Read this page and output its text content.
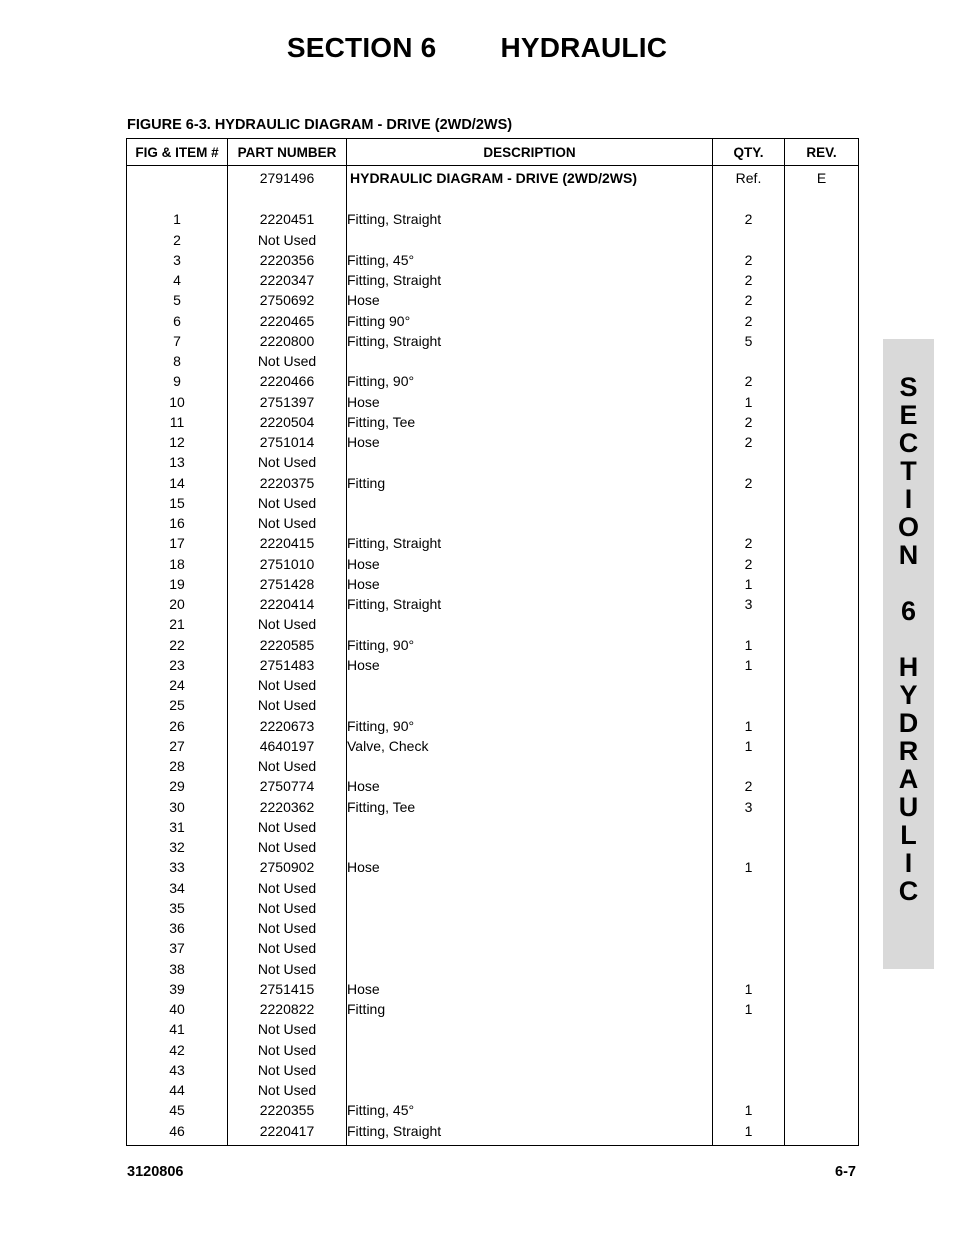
SECTION 6 HYDRAULIC
FIGURE 6-3. HYDRAULIC DIAGRAM - DRIVE (2WD/2WS)
FIG & ITEM #	PART NUMBER	DESCRIPTION	QTY.	REV.
	2791496	HYDRAULIC DIAGRAM - DRIVE (2WD/2WS)	Ref.	E

1	2220451	Fitting, Straight	2	
2	Not Used			
3	2220356	Fitting, 45°	2	
4	2220347	Fitting, Straight	2	
5	2750692	Hose	2	
6	2220465	Fitting 90°	2	
7	2220800	Fitting, Straight	5	
8	Not Used			
9	2220466	Fitting, 90°	2	
10	2751397	Hose	1	
11	2220504	Fitting, Tee	2	
12	2751014	Hose	2	
13	Not Used			
14	2220375	Fitting	2	
15	Not Used			
16	Not Used			
17	2220415	Fitting, Straight	2	
18	2751010	Hose	2	
19	2751428	Hose	1	
20	2220414	Fitting, Straight	3	
21	Not Used			
22	2220585	Fitting, 90°	1	
23	2751483	Hose	1	
24	Not Used			
25	Not Used			
26	2220673	Fitting, 90°	1	
27	4640197	Valve, Check	1	
28	Not Used			
29	2750774	Hose	2	
30	2220362	Fitting, Tee	3	
31	Not Used			
32	Not Used			
33	2750902	Hose	1	
34	Not Used			
35	Not Used			
36	Not Used			
37	Not Used			
38	Not Used			
39	2751415	Hose	1	
40	2220822	Fitting	1	
41	Not Used			
42	Not Used			
43	Not Used			
44	Not Used			
45	2220355	Fitting, 45°	1	
46	2220417	Fitting, Straight	1	
S
E
C
T
I
O
N

6

H
Y
D
R
A
U
L
I
C
3120806	6-7
